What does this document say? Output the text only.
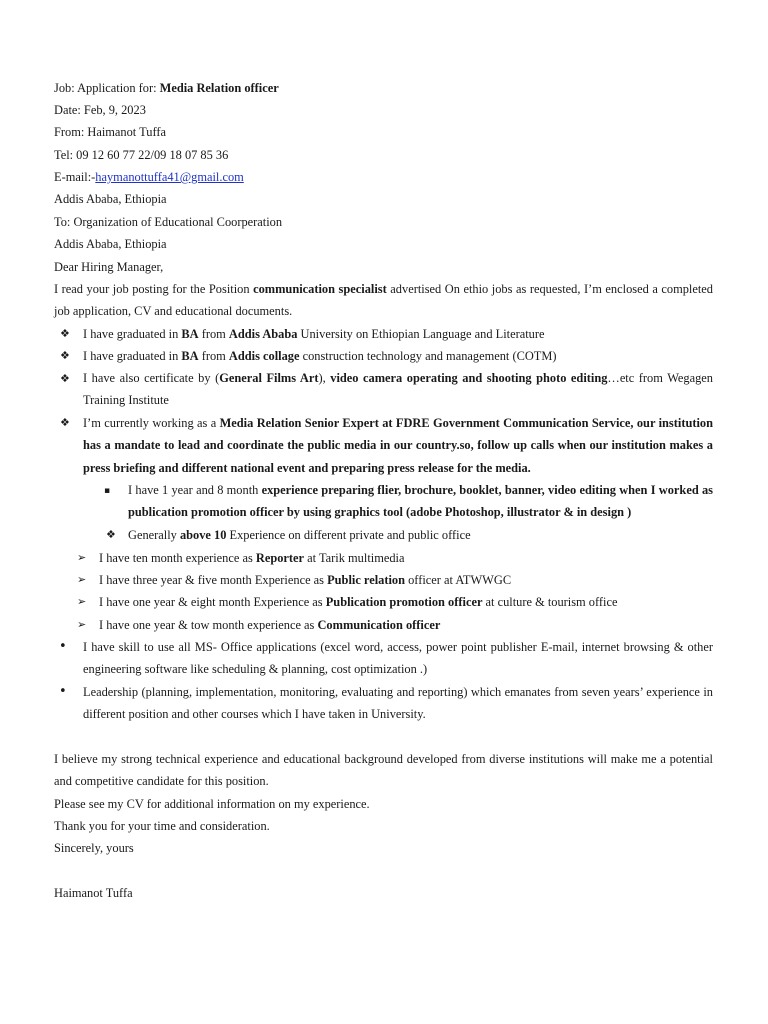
Job: Application for: Media Relation officer
Date: Feb, 9, 2023
From: Haimanot Tuffa
Tel: 09 12 60 77 22/09 18 07 85 36
E-mail:-haymanottuffa41@gmail.com
Addis Ababa, Ethiopia
To: Organization of Educational Coorperation
Addis Ababa, Ethiopia
Dear Hiring Manager,
I read your job posting for the Position communication specialist advertised On ethio jobs as requested, I’m enclosed a completed job application, CV and educational documents.
❖ I have graduated in BA from Addis Ababa University on Ethiopian Language and Literature
❖ I have graduated in BA from Addis collage construction technology and management (COTM)
❖ I have also certificate by (General Films Art), video camera operating and shooting photo editing…etc from Wegagen Training Institute
❖ I’m currently working as a Media Relation Senior Expert at FDRE Government Communication Service, our institution has a mandate to lead and coordinate the public media in our country.so, follow up calls when our institution makes a press briefing and different national event and preparing press release for the media.
▪ I have 1 year and 8 month experience preparing flier, brochure, booklet, banner, video editing when I worked as publication promotion officer by using graphics tool (adobe Photoshop, illustrator & in design )
❖ Generally above 10 Experience on different private and public office
➢ I have ten month experience as Reporter at Tarik multimedia
➢ I have three year & five month Experience as Public relation officer at ATWWGC
➢ I have one year & eight month Experience as Publication promotion officer at culture & tourism office
➢ I have one year & tow month experience as Communication officer
• I have skill to use all MS- Office applications (excel word, access, power point publisher E-mail, internet browsing & other engineering software like scheduling & planning, cost optimization .)
• Leadership (planning, implementation, monitoring, evaluating and reporting) which emanates from seven years’ experience in different position and other courses which I have taken in University.
I believe my strong technical experience and educational background developed from diverse institutions will make me a potential and competitive candidate for this position.
Please see my CV for additional information on my experience.
Thank you for your time and consideration.
Sincerely, yours
Haimanot Tuffa
